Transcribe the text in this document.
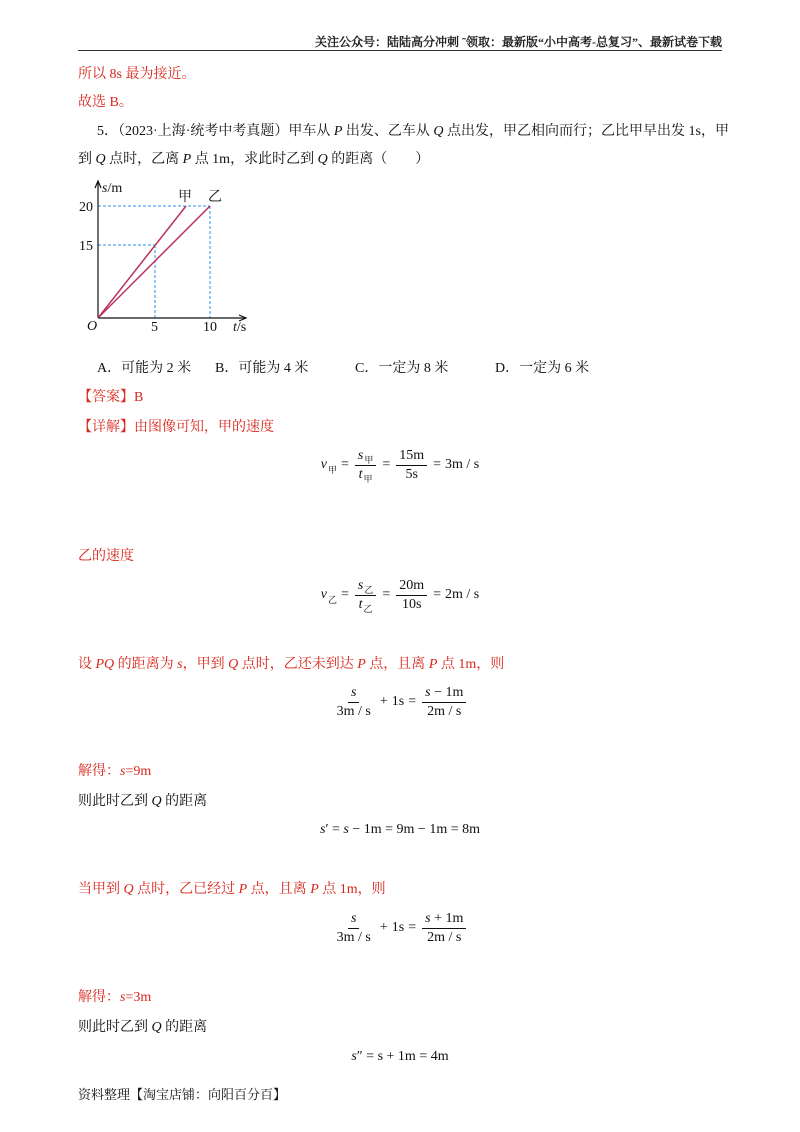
关注公众号：陆陆高分冲刺 ˜领取：最新版“小中高考-总复习”、最新试卷下载
所以 8s 最为接近。
故选 B。
5．（2023·上海·统考中考真题）甲车从 P 出发、乙车从 Q 点出发，甲乙相向而行；乙比甲早出发 1s，甲
到 Q 点时，乙离 P 点 1m，求此时乙到 Q 的距离（　　）
s/m
20
15
O	5	10 t/s
甲 乙
A．可能为 2 米 B．可能为 4 米	C．一定为 8 米	D．一定为 6 米
【答案】B
【详解】由图像可知，甲的速度
v 甲 = $\frac{s_甲}{t_甲} = \frac{15m}{5s} = 3m / s$
乙的速度
v 乙 = $\frac{s_乙}{t_乙} = \frac{20m}{10s} = 2m / s$
设 PQ 的距离为 s，甲到 Q 点时，乙还未到达 P 点，且离 P 点 1m，则
$\frac{s}{3m / s} + 1s = \frac{s - 1m}{2m / s}$
解得：s=9m
则此时乙到 Q 的距离
s ′ = s − 1m = 9m − 1m = 8m
当甲到 Q 点时，乙已经过 P 点，且离 P 点 1m，则
$\frac{s}{3m / s} + 1s = \frac{s + 1m}{2m / s}$
解得：s=3m
则此时乙到 Q 的距离
s ″ = s + 1m = 4m
资料整理【淘宝店铺：向阳百分百】
